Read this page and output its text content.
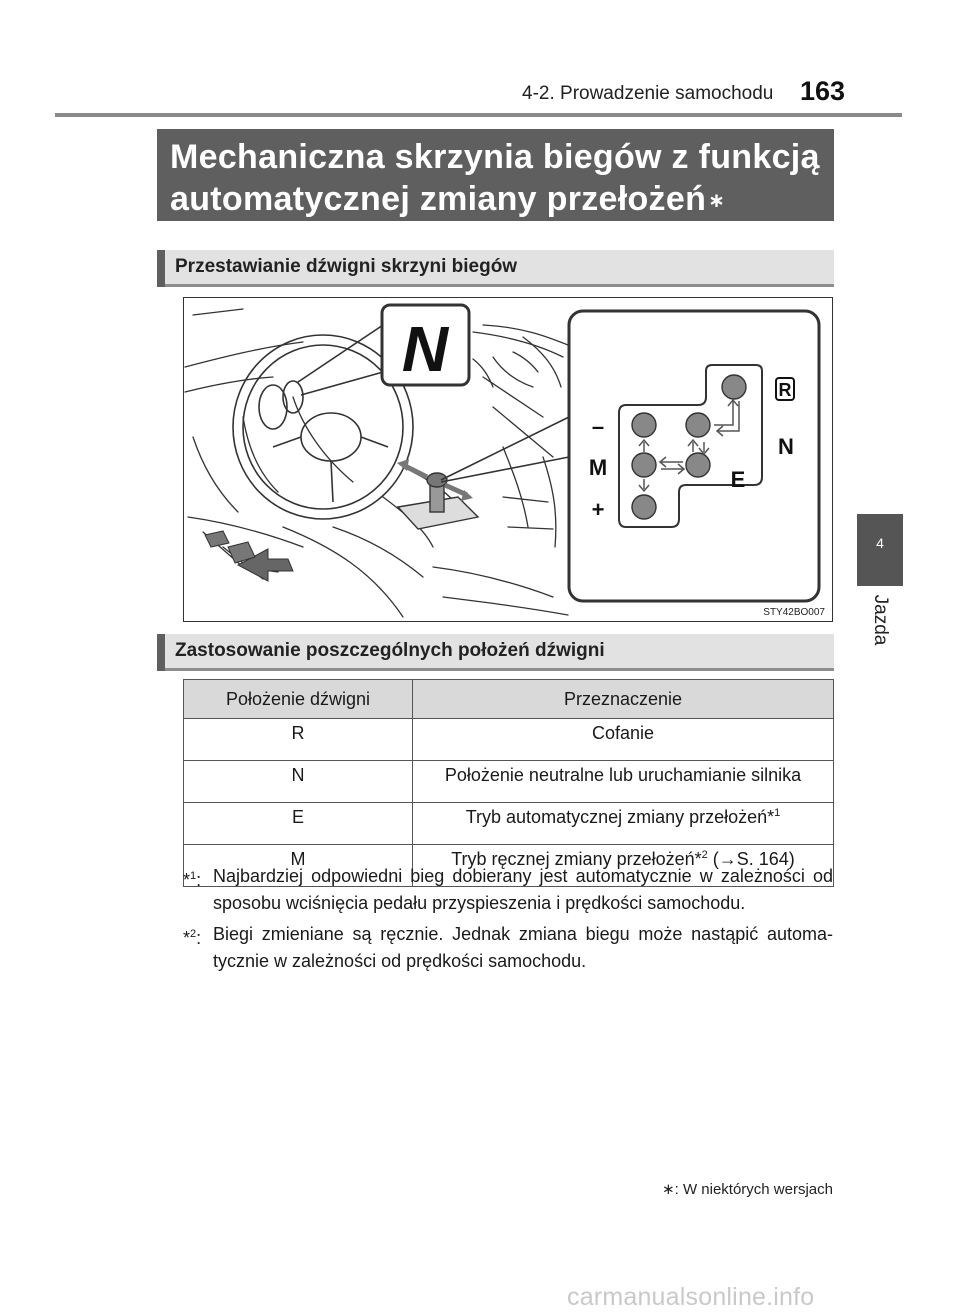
4-2. Prowadzenie samochodu 163
4
Jazda
Mechaniczna skrzynia biegów z funkcją
automatycznej zmiany przełożeń ∗
Przestawianie dźwigni skrzyni biegów
N
R
N
E
–
M
+
STY42BO007
Zastosowanie poszczególnych położeń dźwigni
Położenie dźwigni	Przeznaczenie
R	Cofanie
N	Położenie neutralne lub uruchamianie silnika
E	Tryb automatycznej zmiany przełożeń*$^1$
M	Tryb ręcznej zmiany przełożeń*$^2$ (→S. 164)
*$^1$: Najbardziej odpowiedni bieg dobierany jest automatycznie w zależności od sposobu wciśnięcia pedału przyspieszenia i prędkości samochodu.
*$^2$: Biegi zmieniane są ręcznie. Jednak zmiana biegu może nastąpić automa-tycznie w zależności od prędkości samochodu.
∗: W niektórych wersjach
carmanualsonline.info
